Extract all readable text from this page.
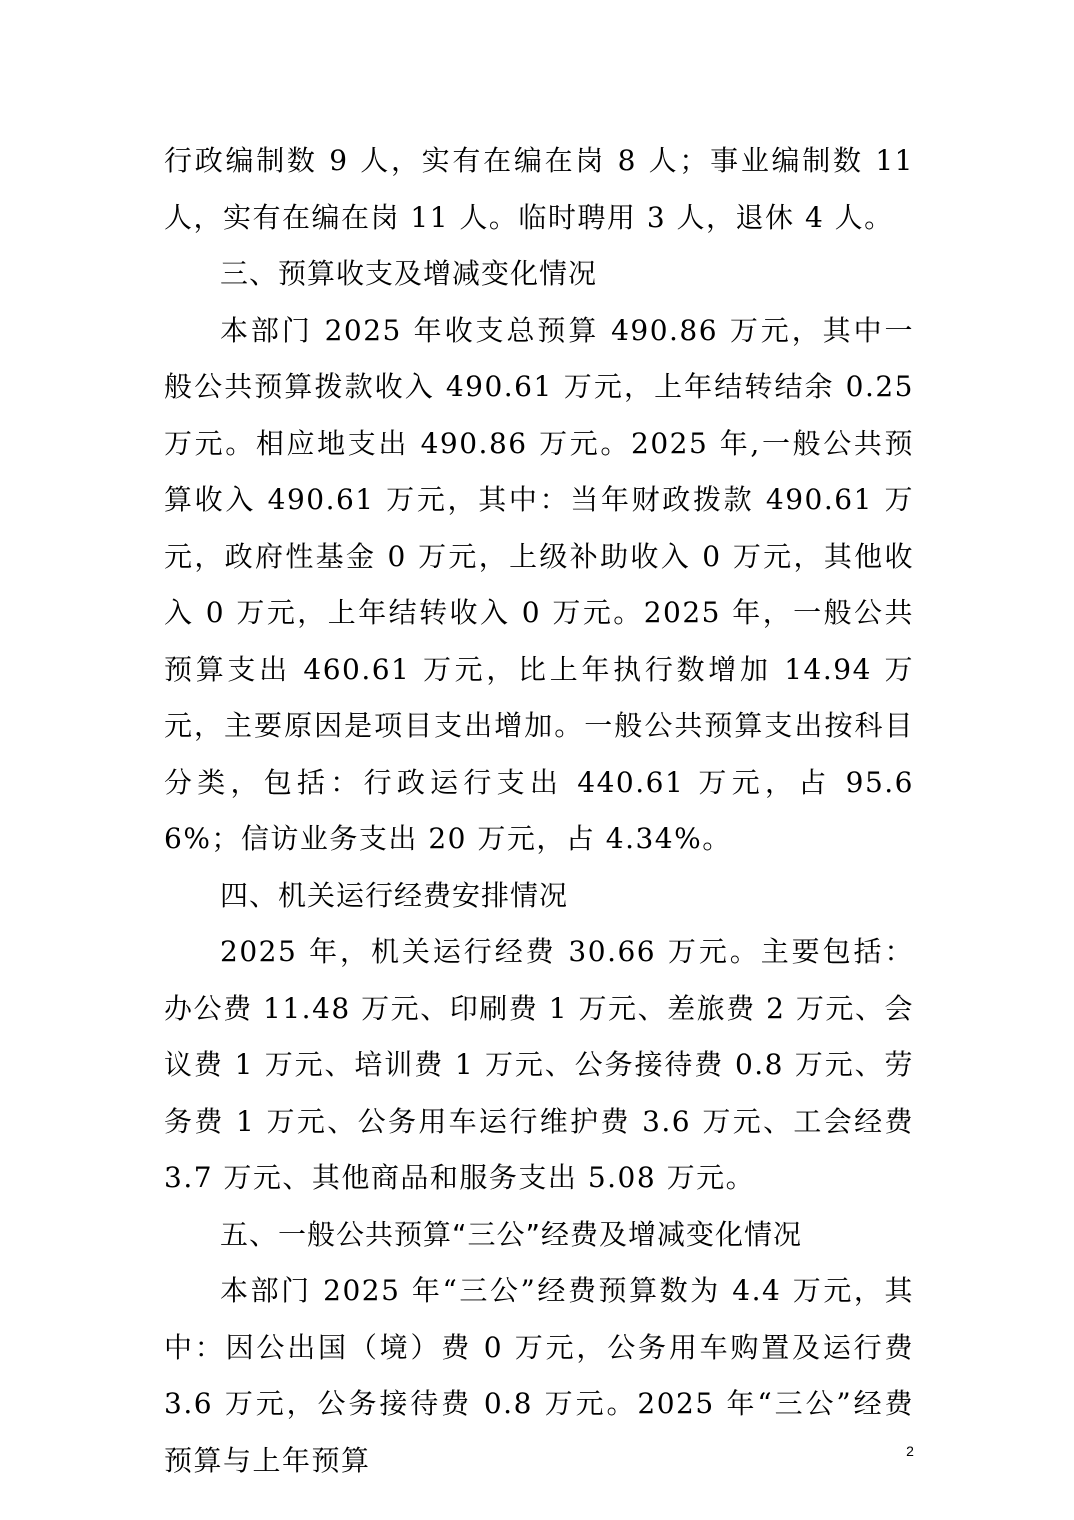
行政编制数 9 人，实有在编在岗 8 人；事业编制数 11 人，实有在编在岗 11 人。临时聘用 3 人，退休 4 人。

三、预算收支及增减变化情况

本部门 2025 年收支总预算 490.86 万元，其中一般公共预算拨款收入 490.61 万元，上年结转结余 0.25 万元。相应地支出 490.86 万元。2025 年,一般公共预算收入 490.61 万元，其中：当年财政拨款 490.61 万元，政府性基金 0 万元，上级补助收入 0 万元，其他收入 0 万元，上年结转收入 0 万元。2025 年，一般公共预算支出 460.61 万元，比上年执行数增加 14.94 万元，主要原因是项目支出增加。一般公共预算支出按科目分类，包括：行政运行支出 440.61 万元，占 95.66%；信访业务支出 20 万元，占 4.34%。

四、机关运行经费安排情况

2025 年，机关运行经费 30.66 万元。主要包括：办公费 11.48 万元、印刷费 1 万元、差旅费 2 万元、会议费 1 万元、培训费 1 万元、公务接待费 0.8 万元、劳务费 1 万元、公务用车运行维护费 3.6 万元、工会经费 3.7 万元、其他商品和服务支出 5.08 万元。

五、一般公共预算“三公”经费及增减变化情况

本部门 2025 年“三公”经费预算数为 4.4 万元，其中：因公出国（境）费 0 万元，公务用车购置及运行费 3.6 万元，公务接待费 0.8 万元。2025 年“三公”经费预算与上年预算	2
